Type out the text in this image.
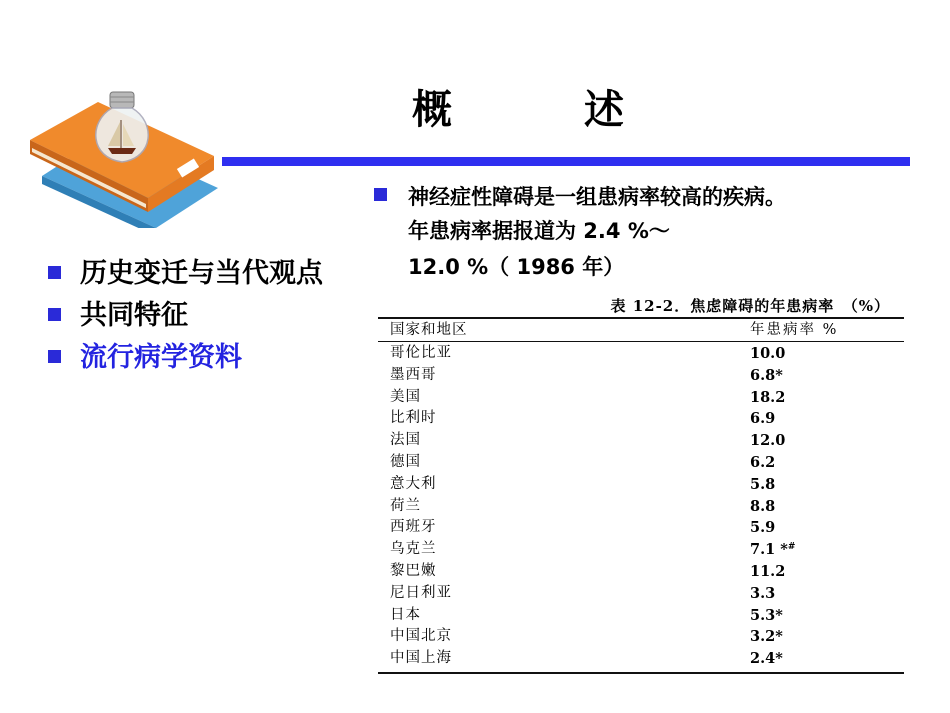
概　述
神经症性障碍是一组患病率较高的疾病。
年患病率据报道为 2.4 %～
12.0 %（ 1986 年）
历史变迁与当代观点
共同特征
流行病学资料
表 12-2．焦虑障碍的年患病率　（%）
国家和地区	年患病率 %
哥伦比亚	10.0
墨西哥	6.8*
美国	18.2
比利时	6.9
法国	12.0
德国	6.2
意大利	5.8
荷兰	8.8
西班牙	5.9
乌克兰	7.1 *#
黎巴嫩	11.2
尼日利亚	3.3
日本	5.3*
中国北京	3.2*
中国上海	2.4*
